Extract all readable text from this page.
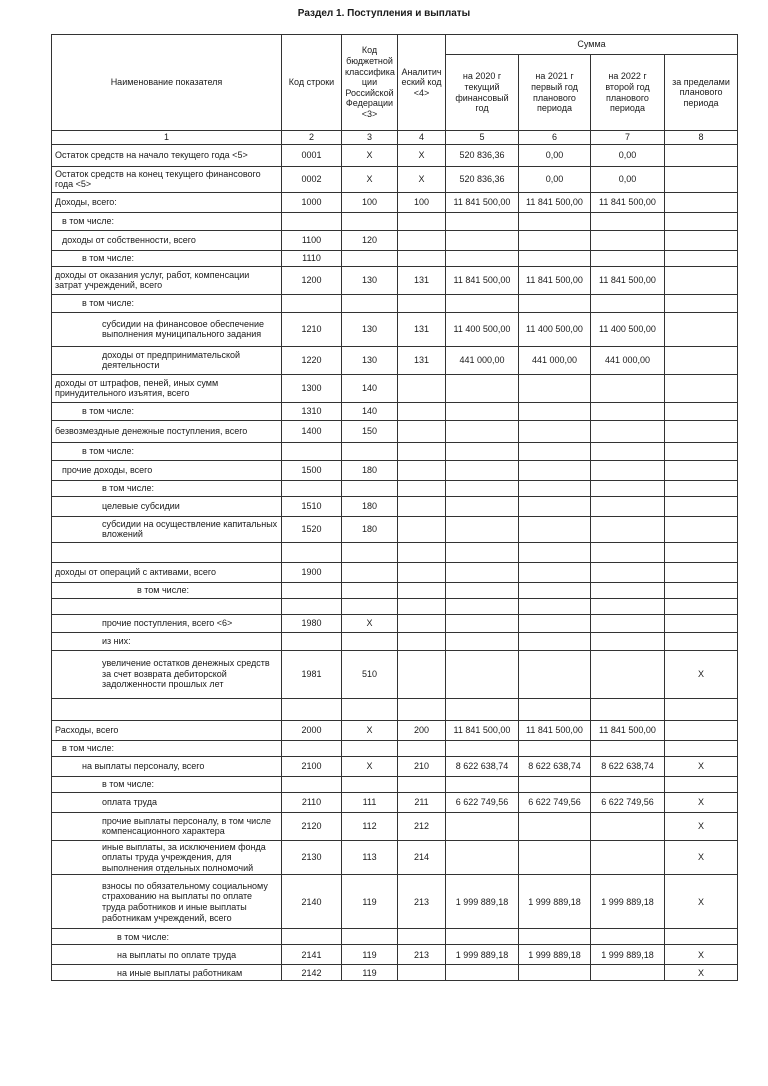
Раздел 1. Поступления и выплаты
Наименование показателя	Код строки	Код бюджетной классифика ции Российской Федерации <3>	Аналитич еский код <4>	Сумма			
				на 2020 г текущий финансовый год	на 2021 г первый год планового периода	на 2022 г второй год планового периода	за пределами планового периода
1	2	3	4	5	6	7	8
Остаток средств на начало текущего года <5>	0001	X	X	520 836,36	0,00	0,00	
Остаток средств на конец текущего финансового года <5>	0002	X	X	520 836,36	0,00	0,00	
Доходы, всего:	1000	100	100	11 841 500,00	11 841 500,00	11 841 500,00	
в том числе:							
доходы от собственности, всего	1100	120					
в том числе:	1110						
доходы от оказания услуг, работ, компенсации затрат учреждений, всего	1200	130	131	11 841 500,00	11 841 500,00	11 841 500,00	
в том числе:							
субсидии на финансовое обеспечение выполнения муниципального задания	1210	130	131	11 400 500,00	11 400 500,00	11 400 500,00	
доходы от предпринимательской деятельности	1220	130	131	441 000,00	441 000,00	441 000,00	
доходы от штрафов, пеней, иных сумм принудительного изъятия, всего	1300	140					
в том числе:	1310	140					
безвозмездные денежные поступления, всего	1400	150					
в том числе:							
прочие доходы, всего	1500	180					
в том числе:							
целевые субсидии	1510	180					
субсидии на осуществление капитальных вложений	1520	180					

доходы от операций с активами, всего	1900						
в том числе:							

прочие поступления, всего <6>	1980	X					
из них:							
увеличение остатков денежных средств за счет возврата дебиторской задолженности прошлых лет	1981	510					X

Расходы, всего	2000	X	200	11 841 500,00	11 841 500,00	11 841 500,00	
в том числе:							
на выплаты персоналу, всего	2100	X	210	8 622 638,74	8 622 638,74	8 622 638,74	X
в том числе:							
оплата труда	2110	111	211	6 622 749,56	6 622 749,56	6 622 749,56	X
прочие выплаты персоналу, в том числе компенсационного характера	2120	112	212				X
иные выплаты, за исключением фонда оплаты труда учреждения, для выполнения отдельных полномочий	2130	113	214				X
взносы по обязательному социальному страхованию на выплаты по оплате труда работников и иные выплаты работникам учреждений, всего	2140	119	213	1 999 889,18	1 999 889,18	1 999 889,18	X
в том числе:							
на выплаты по оплате труда	2141	119	213	1 999 889,18	1 999 889,18	1 999 889,18	X
на иные выплаты работникам	2142	119					X
